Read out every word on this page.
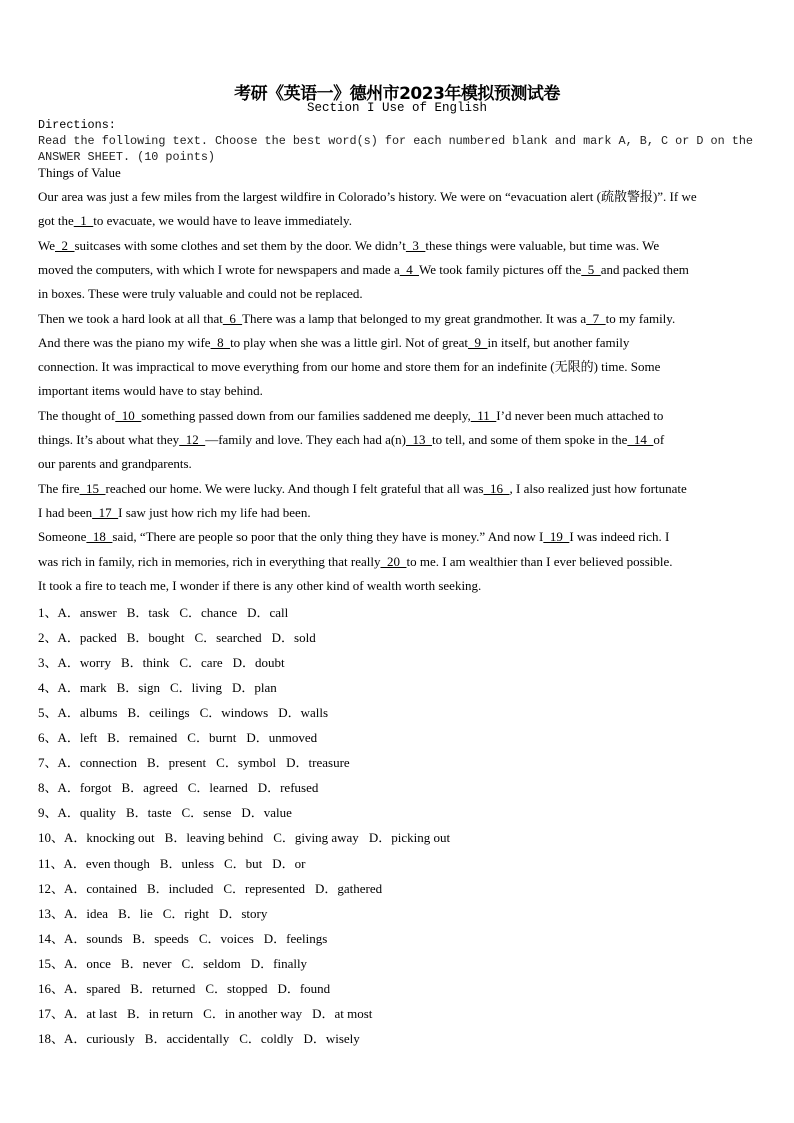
考研《英语一》德州市2023年模拟预测试卷
Section I Use of English
Directions:
Read the following text. Choose the best word(s) for each numbered blank and mark A, B, C or D on the
ANSWER SHEET. (10 points)
Things of Value
Our area was just a few miles from the largest wildfire in Colorado’s history. We were on “evacuation alert (疏散警报)”. If we
got the  1  to evacuate, we would have to leave immediately.
We  2  suitcases with some clothes and set them by the door. We didn’t  3  these things were valuable, but time was. We
moved the computers, with which I wrote for newspapers and made a  4  We took family pictures off the  5  and packed them
in boxes. These were truly valuable and could not be replaced.
Then we took a hard look at all that  6  There was a lamp that belonged to my great grandmother. It was a  7  to my family.
And there was the piano my wife  8  to play when she was a little girl. Not of great  9  in itself, but another family
connection. It was impractical to move everything from our home and store them for an indefinite (无限的) time. Some
important items would have to stay behind.
The thought of  10  something passed down from our families saddened me deeply,  11  I’d never been much attached to
things. It’s about what they  12  —family and love. They each had a(n)  13  to tell, and some of them spoke in the  14  of
our parents and grandparents.
The fire  15  reached our home. We were lucky. And though I felt grateful that all was  16  , I also realized just how fortunate
I had been  17  I saw just how rich my life had been.
Someone  18  said, “There are people so poor that the only thing they have is money.” And now I  19  I was indeed rich. I
was rich in family, rich in memories, rich in everything that really  20  to me. I am wealthier than I ever believed possible.
It took a fire to teach me, I wonder if there is any other kind of wealth worth seeking.
1、A．answer B．task C．chance D．call
2、A．packed B．bought C．searched D．sold
3、A．worry B．think C．care D．doubt
4、A．mark B．sign C．living D．plan
5、A．albums B．ceilings C．windows D．walls
6、A．left B．remained C．burnt D．unmoved
7、A．connection B．present C．symbol D．treasure
8、A．forgot B．agreed C．learned D．refused
9、A．quality B．taste C．sense D．value
10、A．knocking out B．leaving behind C．giving away D．picking out
11、A．even though B．unless C．but D．or
12、A．contained B．included C．represented D．gathered
13、A．idea B．lie C．right D．story
14、A．sounds B．speeds C．voices D．feelings
15、A．once B．never C．seldom D．finally
16、A．spared B．returned C．stopped D．found
17、A．at last B．in return C．in another way D．at most
18、A．curiously B．accidentally C．coldly D．wisely
